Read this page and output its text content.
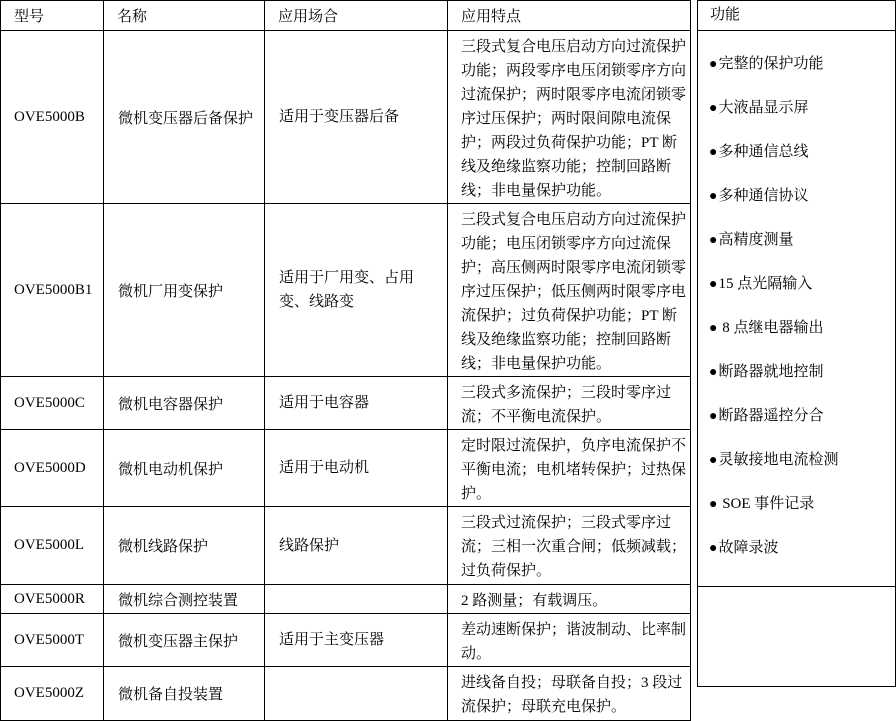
型号	名称	应用场合	应用特点
OVE5000B	微机变压器后备保护	适用于变压器后备	三段式复合电压启动方向过流保护功能；两段零序电压闭锁零序方向过流保护；两时限零序电流闭锁零序过压保护；两时限间隙电流保护；两段过负荷保护功能；PT 断线及绝缘监察功能；控制回路断线；非电量保护功能。
OVE5000B1	微机厂用变保护	适用于厂用变、占用变、线路变	三段式复合电压启动方向过流保护功能；电压闭锁零序方向过流保护；高压侧两时限零序电流闭锁零序过压保护；低压侧两时限零序电流保护；过负荷保护功能；PT 断线及绝缘监察功能；控制回路断线；非电量保护功能。
OVE5000C	微机电容器保护	适用于电容器	三段式多流保护；三段时零序过流；不平衡电流保护。
OVE5000D	微机电动机保护	适用于电动机	定时限过流保护，负序电流保护不平衡电流；电机堵转保护；过热保护。
OVE5000L	微机线路保护	线路保护	三段式过流保护；三段式零序过流；三相一次重合闸；低频减载；过负荷保护。
OVE5000R	微机综合测控装置		2 路测量；有载调压。
OVE5000T	微机变压器主保护	适用于主变压器	差动速断保护；谐波制动、比率制动。
OVE5000Z	微机备自投装置		进线备自投；母联备自投；3 段过流保护；母联充电保护。
功能
●完整的保护功能
●大液晶显示屏
●多种通信总线
●多种通信协议
●高精度测量
●15 点光隔输入
● 8 点继电器输出
●断路器就地控制
●断路器遥控分合
●灵敏接地电流检测
● SOE 事件记录
●故障录波
